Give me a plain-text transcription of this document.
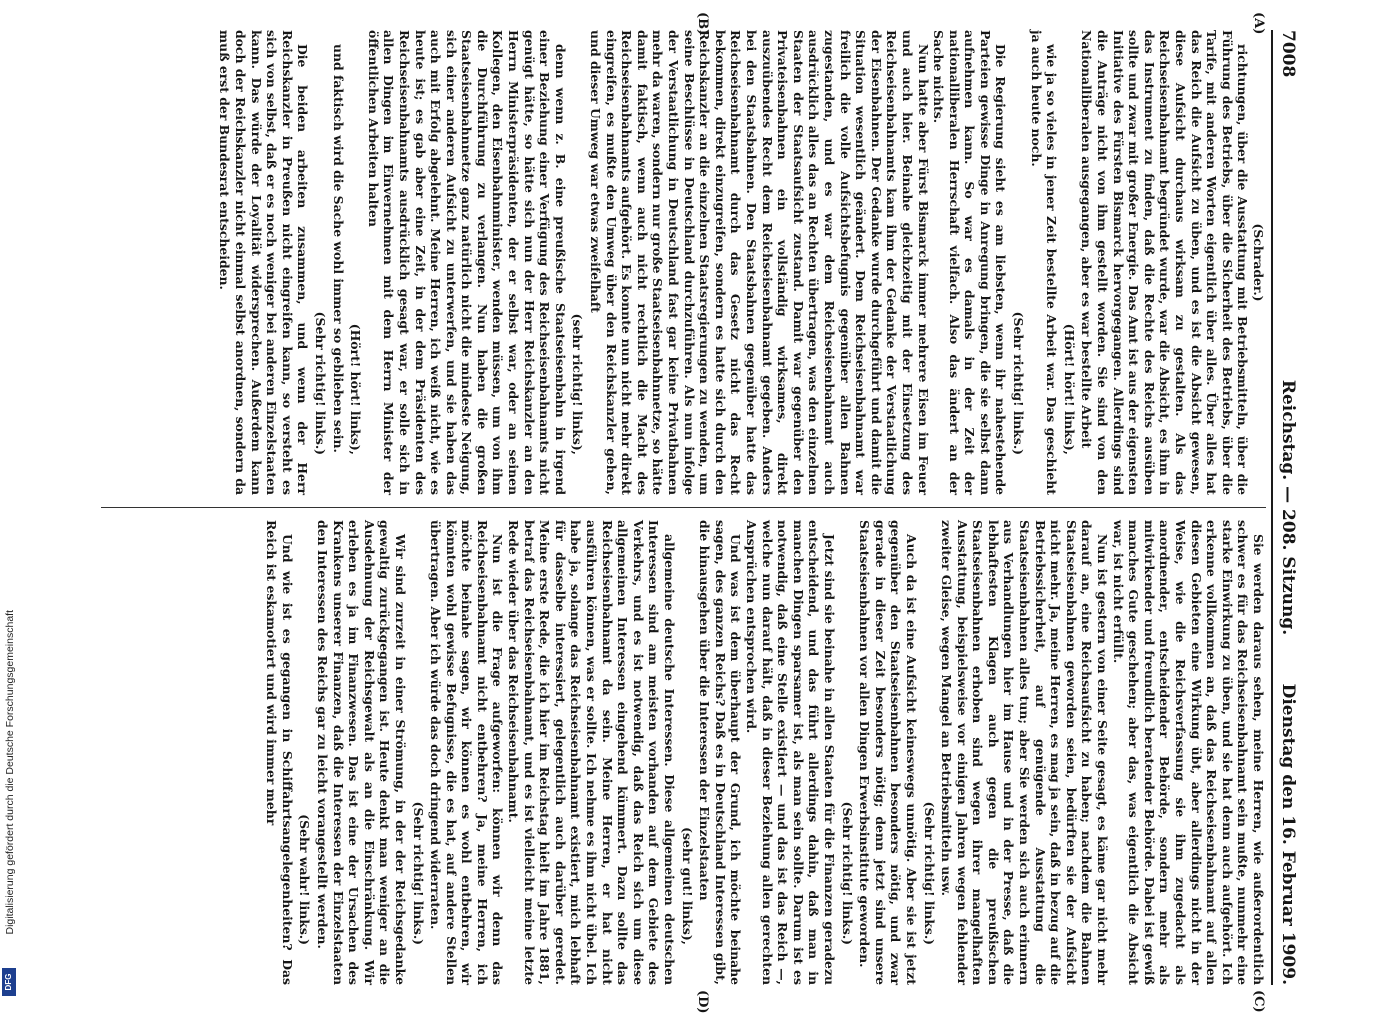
7008
Reichstag. — 208. Sitzung.
Dienstag den 16. Februar 1909.
(A)
(B)
(C)
(D)

(Schrader.)

richtungen, über die Ausstattung mit Betriebsmitteln, über die Führung des Betriebs, über die Sicherheit des Betriebs, über die Tarife, mit anderen Worten eigentlich über alles. Über alles hat das Reich die Aufsicht zu üben, und es ist die Absicht gewesen, diese Aufsicht durchaus wirksam zu gestalten. Als das Reichseisenbahnamt begründet wurde, war die Absicht, es ihm in das Instrument zu finden, daß die Rechte des Reichs ausüben sollte und zwar mit großer Energie. Das Amt ist aus der eigensten Initiative des Fürsten Bismarck hervorgegangen. Allerdings sind die Anträge nicht von ihm gestellt worden. Sie sind von den Nationalliberalen ausgegangen, aber es war bestellte Arbeit

(Hört! hört! links),

wie ja so vieles in jener Zeit bestellte Arbeit war. Das geschieht ja auch heute noch.

(Sehr richtig! links.)

Die Regierung sieht es am liebsten, wenn ihr nahestehende Parteien gewisse Dinge in Anregung bringen, die sie selbst dann aufnehmen kann. So war es damals in der Zeit der nationalliberalen Herrschaft vielfach. Also das ändert an der Sache nichts.

Nun hatte aber Fürst Bismarck immer mehrere Eisen im Feuer und auch hier. Beinahe gleichzeitig mit der Einsetzung des Reichseisenbahnamts kam ihm der Gedanke der Verstaatlichung der Eisenbahnen. Der Gedanke wurde durchgeführt und damit die Situation wesentlich geändert. Dem Reichseisenbahnamt war freilich die volle Aufsichtsbefugnis gegenüber allen Bahnen zugestanden, und es war dem Reichseisenbahnamt auch ausdrücklich alles das an Rechten übertragen, was den einzelnen Staaten der Staatsaufsicht zustand. Damit war gegenüber den Privateisenbahnen ein vollständig wirksames, direkt auszuübendes Recht dem Reichseisenbahnamt gegeben. Anders bei den Staatsbahnen. Den Staatsbahnen gegenüber hatte das Reichseisenbahnamt durch das Gesetz nicht das Recht bekommen, direkt einzugreifen, sondern es hatte sich durch den Reichskanzler an die einzelnen Staatsregierungen zu wenden, um seine Beschlüsse in Deutschland durchzuführen. Als nun infolge der Verstaatlichung in Deutschland fast gar keine Privatbahnen mehr da waren, sondern nur große Staatseisenbahnnetze, so hätte damit faktisch, wenn auch nicht rechtlich die Macht des Reichseisenbahnamts aufgehört. Es konnte nun nicht mehr direkt eingreifen, es mußte den Umweg über den Reichskanzler gehen, und dieser Umweg war etwas zweifelhaft

(sehr richtig! links),

denn wenn z. B. eine preußische Staatseisenbahn in irgend einer Beziehung einer Verfügung des Reichseisenbahnamts nicht genügt hätte, so hätte sich nun der Herr Reichskanzler an den Herrn Ministerpräsidenten, der er selbst war, oder an seinen Kollegen, den Eisenbahnminister, wenden müssen, um von ihm die Durchführung zu verlangen. Nun haben die großen Staatseisenbahnnetze ganz natürlich nicht die mindeste Neigung, sich einer anderen Aufsicht zu unterwerfen, und sie haben das auch mit Erfolg abgelehnt. Meine Herren, ich weiß nicht, wie es heute ist; es gab aber eine Zeit, in der dem Präsidenten des Reichseisenbahnamts ausdrücklich gesagt war, er solle sich in allen Dingen im Einvernehmen mit dem Herrn Minister der öffentlichen Arbeiten halten

(Hört! hört! links),

und faktisch wird die Sache wohl immer so geblieben sein.

(Sehr richtig! links.)

Die beiden arbeiten zusammen, und wenn der Herr Reichskanzler in Preußen nicht eingreifen kann, so versteht es sich von selbst, daß er es noch weniger bei anderen Einzelstaaten kann. Das würde der Loyalität widersprechen. Außerdem kann doch der Reichskanzler nicht einmal selbst anordnen, sondern da muß erst der Bundesrat entscheiden.

Sie werden daraus sehen, meine Herren, wie außerordentlich schwer es für das Reichseisenbahnamt sein mußte, nunmehr eine starke Einwirkung zu üben, und sie hat denn auch aufgehört. Ich erkenne vollkommen an, daß das Reichseisenbahnamt auf allen diesen Gebieten eine Wirkung übt, aber allerdings nicht in der Weise, wie die Reichsverfassung sie ihm zugedacht als anordnender, entscheidender Behörde, sondern mehr als mitwirkender und freundlich beratender Behörde. Dabei ist gewiß manches Gute geschehen; aber das, was eigentlich die Absicht war, ist nicht erfüllt.

Nun ist gestern von einer Seite gesagt, es käme gar nicht mehr darauf an, eine Reichsaufsicht zu haben; nachdem die Bahnen Staatseisenbahnen geworden seien, bedürften sie der Aufsicht nicht mehr. Ja, meine Herren, es mag ja sein, daß in bezug auf die Betriebssicherheit, auf genügende Ausstattung die Staatseisenbahnen alles tun; aber Sie werden sich auch erinnern aus Verhandlungen hier im Hause und in der Presse, daß die lebhaftesten Klagen auch gegen die preußischen Staatseisenbahnen erhoben sind wegen ihrer mangelhaften Ausstattung, beispielsweise vor einigen Jahren wegen fehlender zweiter Gleise, wegen Mangel an Betriebsmitteln usw.

(Sehr richtig! links.)

Auch da ist eine Aufsicht keineswegs unnötig. Aber sie ist jetzt gegenüber den Staatseisenbahnen besonders nötig, und zwar gerade in dieser Zeit besonders nötig; denn jetzt sind unsere Staatseisenbahnen vor allen Dingen Erwerbsinstitute geworden.

(Sehr richtig! links.)

Jetzt sind sie beinahe in allen Staaten für die Finanzen geradezu entscheidend, und das führt allerdings dahin, daß man in manchen Dingen sparsamer ist, als man sein sollte. Darum ist es notwendig, daß eine Stelle existiert — und das ist das Reich —, welche nun darauf hält, daß in dieser Beziehung allen gerechten Ansprüchen entsprochen wird.

Und was ist dem überhaupt der Grund, ich möchte beinahe sagen, des ganzen Reichs? Daß es in Deutschland Interessen gibt, die hinausgehen über die Interessen der Einzelstaaten

(sehr gut! links),

allgemeine deutsche Interessen. Diese allgemeinen deutschen Interessen sind am meisten vorhanden auf dem Gebiete des Verkehrs, und es ist notwendig, daß das Reich sich um diese allgemeinen Interessen eingehend kümmert. Dazu sollte das Reichseisenbahnamt da sein. Meine Herren, er hat nicht ausführen können, was er sollte. Ich nehme es ihm nicht übel. Ich habe ja, solange das Reichseisenbahnamt existiert, mich lebhaft für dasselbe interessiert, gelegentlich auch darüber geredet. Meine erste Rede, die ich hier im Reichstag hielt im Jahre 1881, betraf das Reichseisenbahnamt, und es ist vielleicht meine letzte Rede wieder über das Reichseisenbahnamt.

Nun ist die Frage aufgeworfen: können wir denn das Reichseisenbahnamt nicht entbehren? Ja, meine Herren, ich möchte beinahe sagen, wir können es wohl entbehren, wir könnten wohl gewisse Befugnisse, die es hat, auf andere Stellen übertragen. Aber ich würde das doch dringend widerraten.

(Sehr richtig! links.)

Wir sind zurzeit in einer Strömung, in der der Reichsgedanke gewaltig zurückgegangen ist. Heute denkt man weniger an die Ausdehnung der Reichsgewalt als an die Einschränkung. Wir erleben es ja im Finanzwesen. Das ist eine der Ursachen des Krankens unserer Finanzen, daß die Interessen der Einzelstaaten den Interessen des Reichs gar zu leicht vorangestellt werden.

(Sehr wahr! links.)

Und wie ist es gegangen in Schiffahrtsangelegenheiten? Das Reich ist eskamotiert und wird immer mehr

Digitalisierung gefördert durch die Deutsche Forschungsgemeinschaft
DFG
